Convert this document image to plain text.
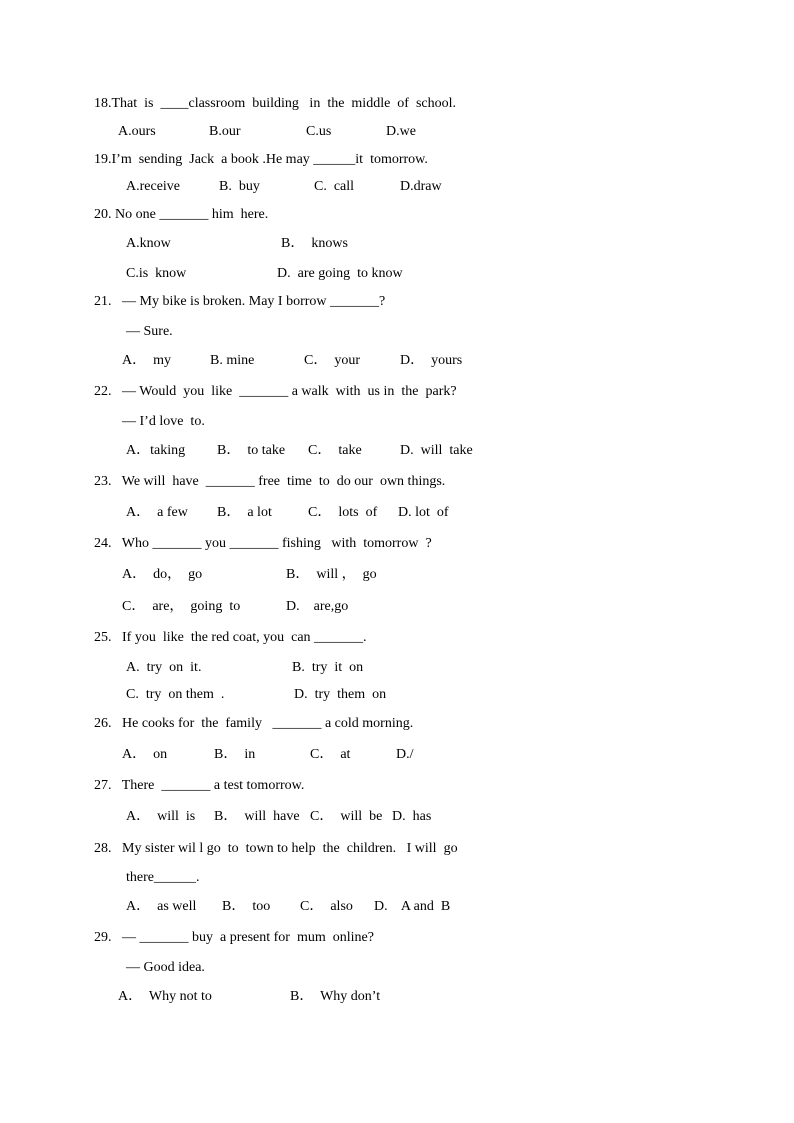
18.That  is  ____classroom  building   in  the  middle  of  school.
A.ours	B.our	C.us	D.we
19.I’m  sending  Jack  a book .He may ______it  tomorrow.
A.receive	B.  buy	C.  call	D.draw
20. No one _______ him  here.
A.know	B．  knows
C.is  know	D.  are going  to know
21.   — My bike is broken. May I borrow _______?
— Sure.
A．  my	B. mine	C．  your	D．  yours
22.   — Would  you  like  _______ a walk  with  us in  the  park?
— I’d love  to.
A．taking B．  to take C．  take	D.  will  take
23.   We will  have  _______ free  time  to  do our  own things.
A．  a few B．  a lot	C．  lots  of D. lot  of
24.   Who _______ you _______ fishing   with  tomorrow  ?
A．  do，  go	B．  will ，  go
C．  are，  going  to	D.    are,go
25.   If you  like  the red coat, you  can _______.
A.  try  on  it.	B.  try  it  on
C.  try  on them  .	D.  try  them  on
26.   He cooks for  the  family   _______ a cold morning.
A．  on	B．  in	C．  at	D./
27.   There  _______ a test tomorrow.
A．  will  is B．  will  have C．  will  be D.  has
28.   My sister wil l go  to  town to help  the  children.   I will  go
there______.
A．  as well B．  too C．  also D.    A and  B
29.   — _______ buy  a present for  mum  online?
— Good idea.
A．  Why not to	B．  Why don’t
